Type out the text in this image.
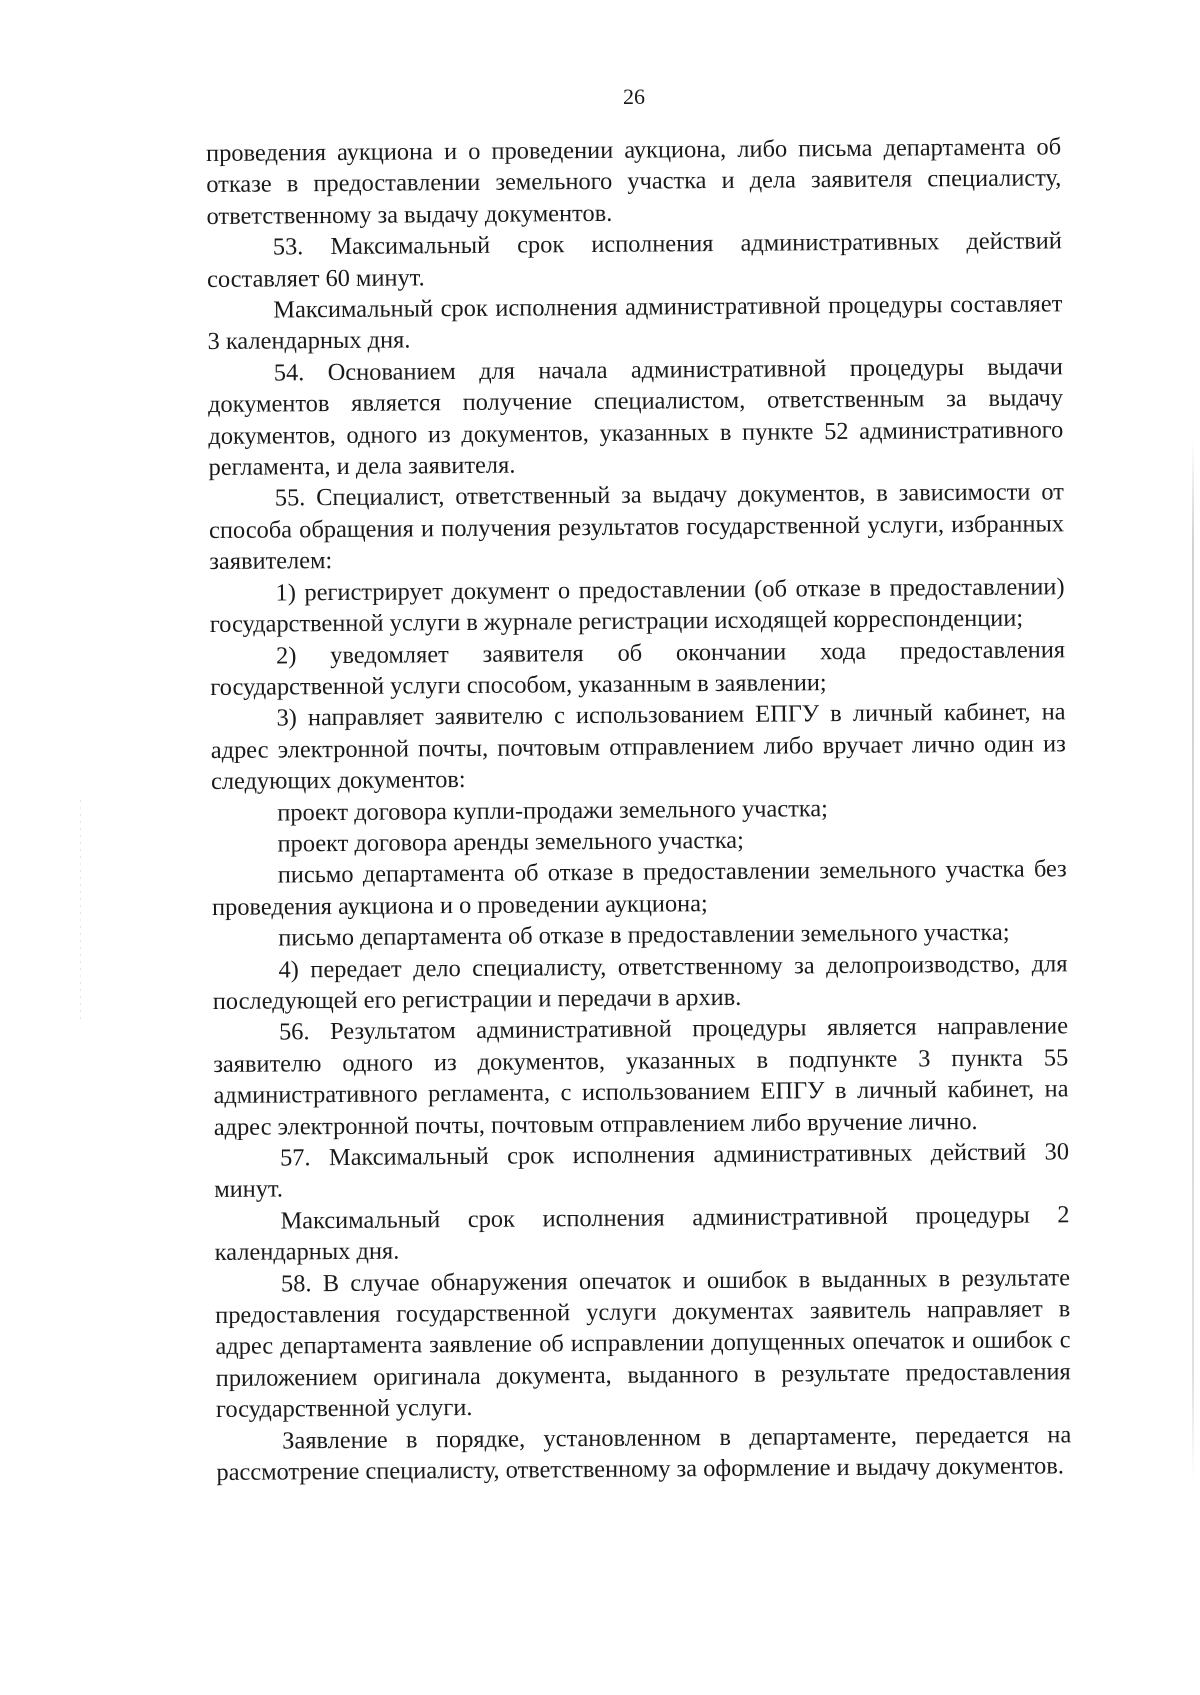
26

проведения аукциона и о проведении аукциона, либо письма департамента об отказе в предоставлении земельного участка и дела заявителя специалисту, ответственному за выдачу документов.

53. Максимальный срок исполнения административных действий составляет 60 минут.

Максимальный срок исполнения административной процедуры составляет 3 календарных дня.

54. Основанием для начала административной процедуры выдачи документов является получение специалистом, ответственным за выдачу документов, одного из документов, указанных в пункте 52 административного регламента, и дела заявителя.

55. Специалист, ответственный за выдачу документов, в зависимости от способа обращения и получения результатов государственной услуги, избранных заявителем:

1) регистрирует документ о предоставлении (об отказе в предоставлении) государственной услуги в журнале регистрации исходящей корреспонденции;

2) уведомляет заявителя об окончании хода предоставления государственной услуги способом, указанным в заявлении;

3) направляет заявителю с использованием ЕПГУ в личный кабинет, на адрес электронной почты, почтовым отправлением либо вручает лично один из следующих документов:

проект договора купли-продажи земельного участка;

проект договора аренды земельного участка;

письмо департамента об отказе в предоставлении земельного участка без проведения аукциона и о проведении аукциона;

письмо департамента об отказе в предоставлении земельного участка;

4) передает дело специалисту, ответственному за делопроизводство, для последующей его регистрации и передачи в архив.

56. Результатом административной процедуры является направление заявителю одного из документов, указанных в подпункте 3 пункта 55 административного регламента, с использованием ЕПГУ в личный кабинет, на адрес электронной почты, почтовым отправлением либо вручение лично.

57. Максимальный срок исполнения административных действий 30 минут.

Максимальный срок исполнения административной процедуры 2 календарных дня.

58. В случае обнаружения опечаток и ошибок в выданных в результате предоставления государственной услуги документах заявитель направляет в адрес департамента заявление об исправлении допущенных опечаток и ошибок с приложением оригинала документа, выданного в результате предоставления государственной услуги.

Заявление в порядке, установленном в департаменте, передается на рассмотрение специалисту, ответственному за оформление и выдачу документов.
